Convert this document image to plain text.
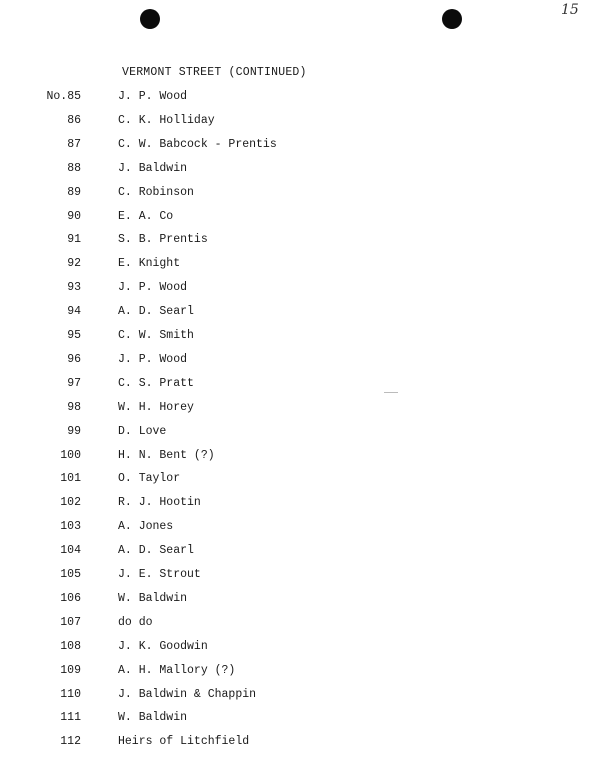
15
VERMONT STREET (CONTINUED)
No.85	J. P. Wood
86	C. K. Holliday
87	C. W. Babcock - Prentis
88	J. Baldwin
89	C. Robinson
90	E. A. Co
91	S. B. Prentis
92	E. Knight
93	J. P. Wood
94	A. D. Searl
95	C. W. Smith
96	J. P. Wood
97	C. S. Pratt
98	W. H. Horey
99	D. Love
100	H. N. Bent (?)
101	O. Taylor
102	R. J. Hootin
103	A. Jones
104	A. D. Searl
105	J. E. Strout
106	W. Baldwin
107	do do
108	J. K. Goodwin
109	A. H. Mallory (?)
110	J. Baldwin & Chappin
111	W. Baldwin
112	Heirs of Litchfield
